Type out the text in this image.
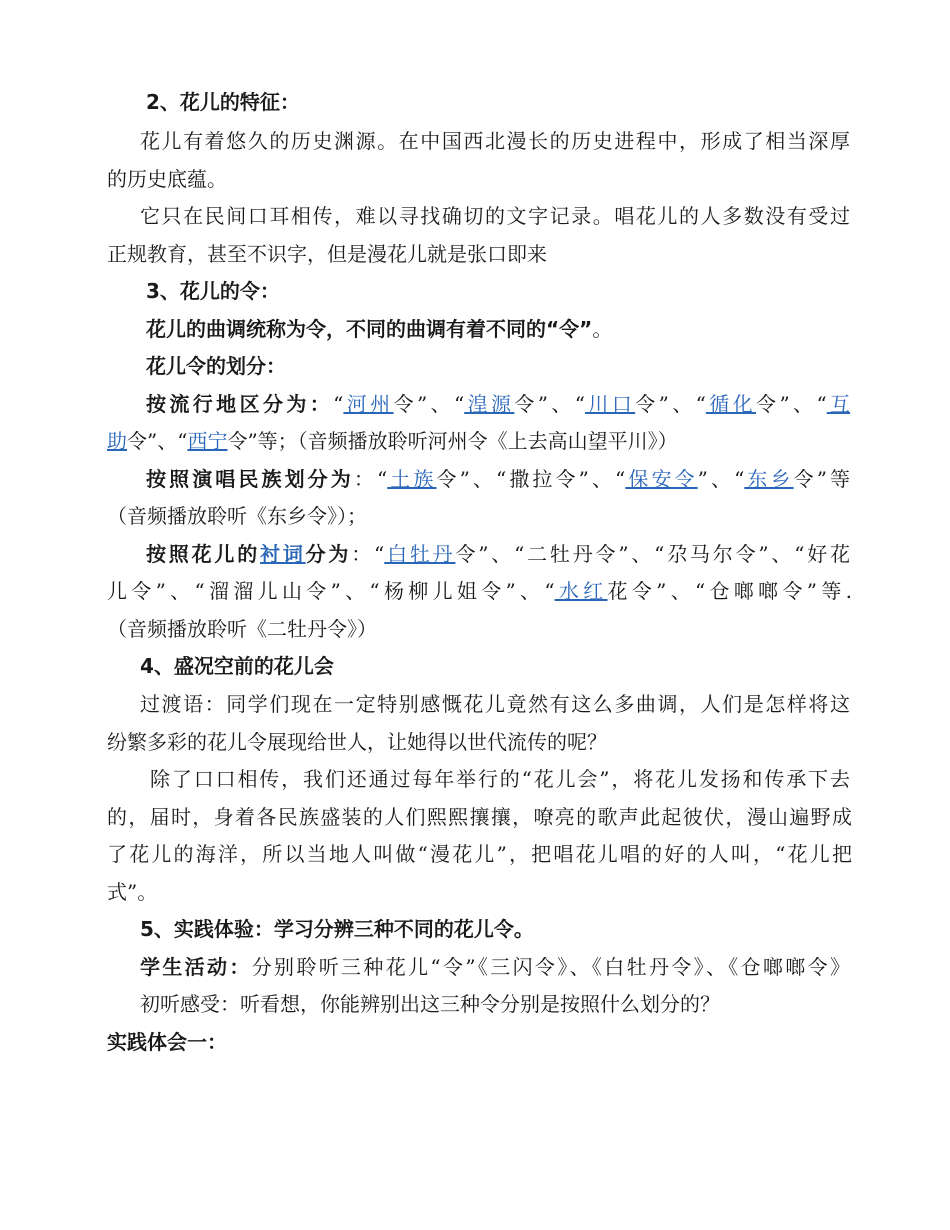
2、花儿的特征：
花儿有着悠久的历史渊源。在中国西北漫长的历史进程中，形成了相当深厚
的历史底蕴。
它只在民间口耳相传，难以寻找确切的文字记录。唱花儿的人多数没有受过
正规教育，甚至不识字，但是漫花儿就是张口即来
3、花儿的令：
花儿的曲调统称为令，不同的曲调有着不同的“令”。
花儿令的划分：
按流行地区分为：“河州令”、“湟源令”、“川口令”、“循化令”、“互
助令”、“西宁令”等；（音频播放聆听河州令《上去高山望平川》）
按照演唱民族划分为：“土族令”、“撒拉令”、“保安令”、“东乡令”等
（音频播放聆听《东乡令》）；
按照花儿的衬词分为：“白牡丹令”、“二牡丹令”、“尕马尔令”、“好花
儿令”、“溜溜儿山令”、“杨柳儿姐令”、“水红花令”、“仓啷啷令”等.
（音频播放聆听《二牡丹令》）
4、盛况空前的花儿会
过渡语：同学们现在一定特别感慨花儿竟然有这么多曲调，人们是怎样将这
纷繁多彩的花儿令展现给世人，让她得以世代流传的呢？
除了口口相传，我们还通过每年举行的“花儿会”，将花儿发扬和传承下去
的，届时，身着各民族盛装的人们熙熙攘攘，嘹亮的歌声此起彼伏，漫山遍野成
了花儿的海洋，所以当地人叫做“漫花儿”，把唱花儿唱的好的人叫，“花儿把
式”。
5、实践体验：学习分辨三种不同的花儿令。
学生活动：分别聆听三种花儿“令”《三闪令》、《白牡丹令》、《仓啷啷令》
初听感受：听看想，你能辨别出这三种令分别是按照什么划分的？
实践体会一：
